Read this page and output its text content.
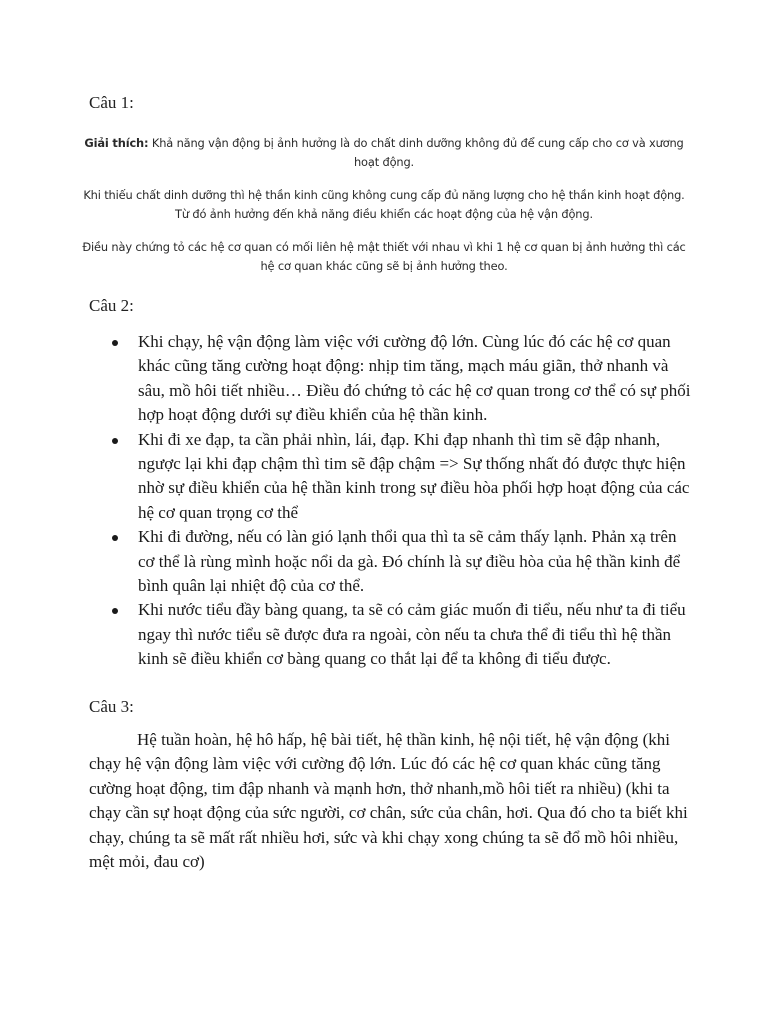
Câu 1:

Giải thích: Khả năng vận động bị ảnh hưởng là do chất dinh dưỡng không đủ để cung cấp cho cơ và xương hoạt động.

Khi thiếu chất dinh dưỡng thì hệ thần kinh cũng không cung cấp đủ năng lượng cho hệ thần kinh hoạt động. Từ đó ảnh hưởng đến khả năng điều khiển các hoạt động của hệ vận động.

Điều này chứng tỏ các hệ cơ quan có mối liên hệ mật thiết với nhau vì khi 1 hệ cơ quan bị ảnh hưởng thì các hệ cơ quan khác cũng sẽ bị ảnh hưởng theo.

Câu 2:
Khi chạy, hệ vận động làm việc với cường độ lớn. Cùng lúc đó các hệ cơ quan khác cũng tăng cường hoạt động: nhịp tim tăng, mạch máu giãn, thở nhanh và sâu, mồ hôi tiết nhiều… Điều đó chứng tỏ các hệ cơ quan trong cơ thể có sự phối hợp hoạt động dưới sự điều khiển của hệ thần kinh.
Khi đi xe đạp, ta cần phải nhìn, lái, đạp. Khi đạp nhanh thì tim sẽ đập nhanh, ngược lại khi đạp chậm thì tim sẽ đập chậm => Sự thống nhất đó được thực hiện nhờ sự điều khiển của hệ thần kinh trong sự điều hòa phối hợp hoạt động của các hệ cơ quan trọng cơ thể
Khi đi đường, nếu có làn gió lạnh thổi qua thì ta sẽ cảm thấy lạnh. Phản xạ trên cơ thể là rùng mình hoặc nổi da gà. Đó chính là sự điều hòa của hệ thần kinh để bình quân lại nhiệt độ của cơ thể.
Khi nước tiểu đầy bàng quang, ta sẽ có cảm giác muốn đi tiểu, nếu như ta đi tiểu ngay thì nước tiểu sẽ được đưa ra ngoài, còn nếu ta chưa thể đi tiểu thì hệ thần kinh sẽ điều khiển cơ bàng quang co thắt lại để ta không đi tiểu được.
Câu 3:

Hệ tuần hoàn, hệ hô hấp, hệ bài tiết, hệ thần kinh, hệ nội tiết, hệ vận động (khi chạy hệ vận động làm việc với cường độ lớn. Lúc đó các hệ cơ quan khác cũng tăng cường hoạt động, tim đập nhanh và mạnh hơn, thở nhanh,mồ hôi tiết ra nhiều) (khi ta chạy cần sự hoạt động của sức người, cơ chân, sức của chân, hơi. Qua đó cho ta biết khi chạy, chúng ta sẽ mất rất nhiều hơi, sức và khi chạy xong chúng ta sẽ đổ mồ hôi nhiều, mệt mỏi, đau cơ)
